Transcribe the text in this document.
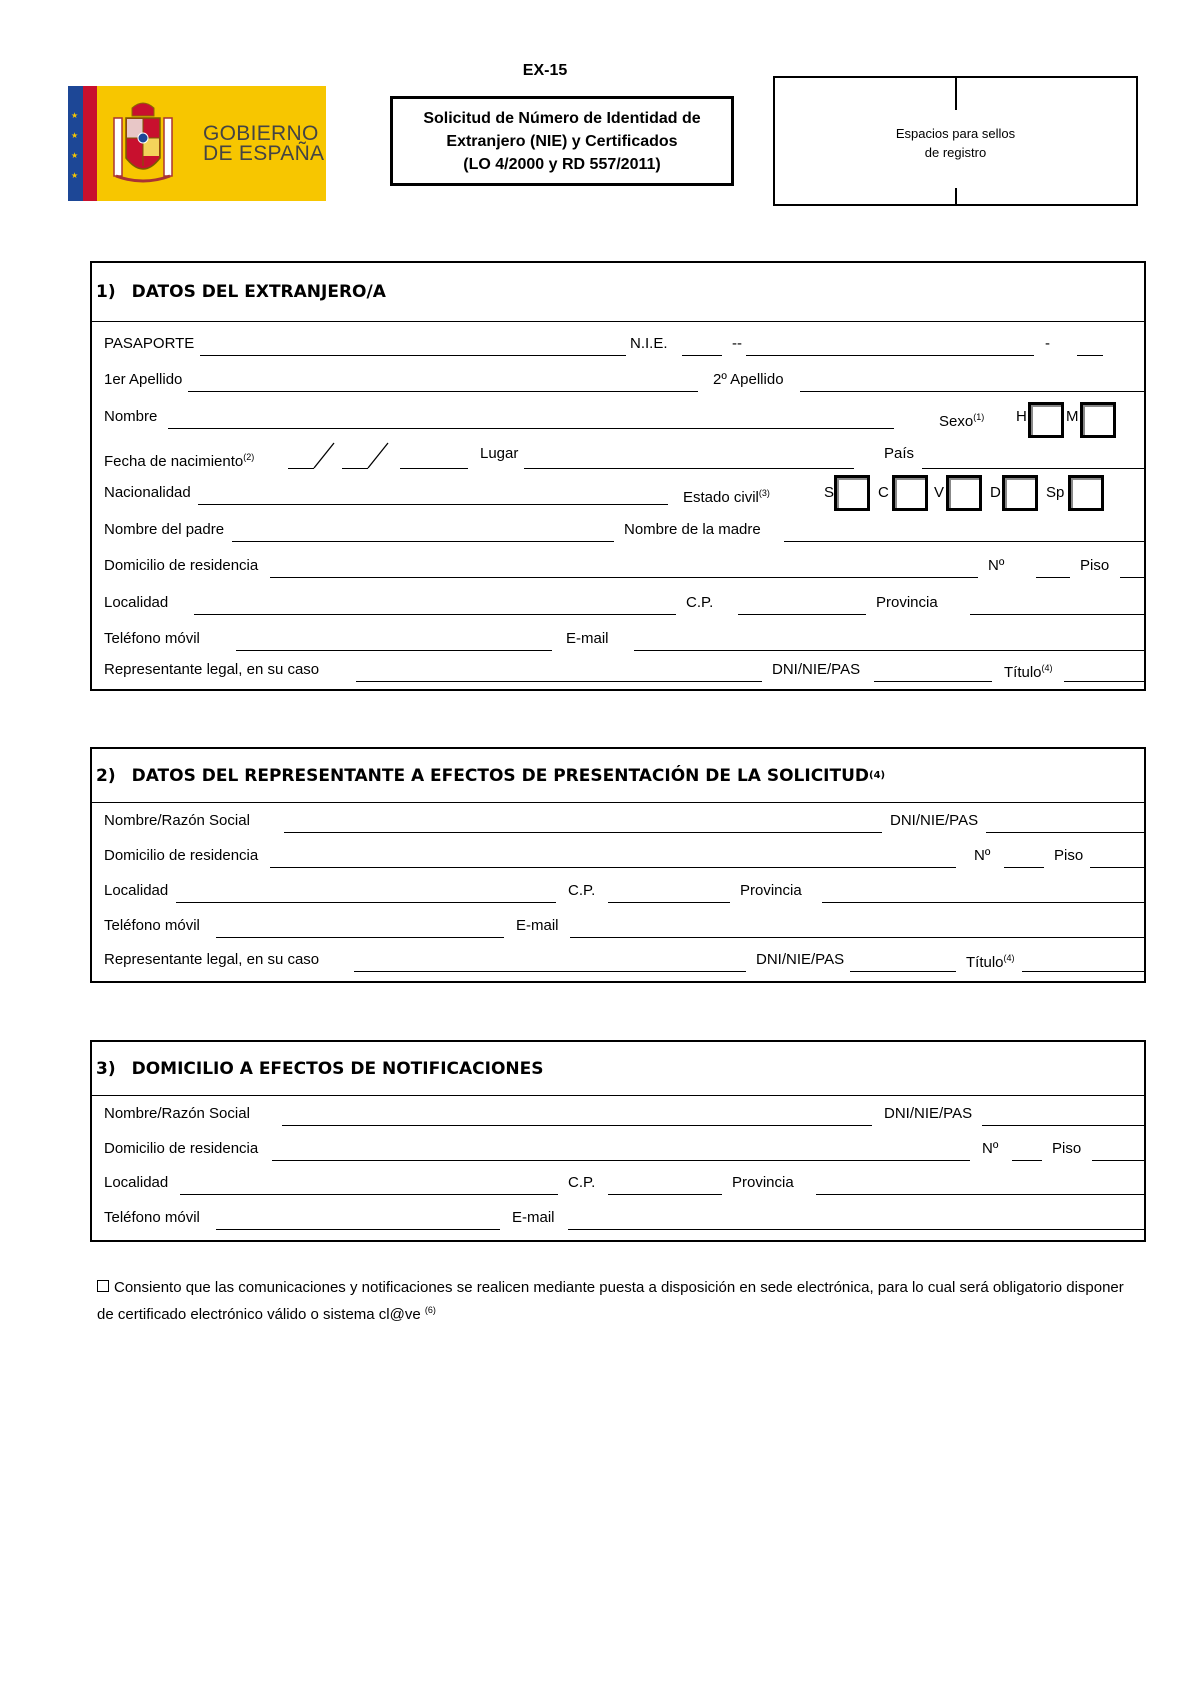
★
★
★
★
GOBIERNO
DE ESPAÑA
EX-15
Solicitud de Número de Identidad de
Extranjero (NIE) y Certificados
(LO 4/2000 y RD 557/2011)
Espacios para sellos
de registro
1) DATOS DEL EXTRANJERO/A
PASAPORTE	N.I.E.	--	-
1er Apellido	2º Apellido
Nombre	Sexo$^{(1)}$ H	M
Fecha de nacimiento$^{(2)}$	Lugar	País
Nacionalidad	Estado civil$^{(3)}$	S	C	V	D	Sp
Nombre del padre	Nombre de la madre
Domicilio de residencia	Nº	Piso
Localidad	C.P.	Provincia
Teléfono móvil	E-mail
Representante legal, en su caso	DNI/NIE/PAS	Título$^{(4)}$
2) DATOS DEL REPRESENTANTE A EFECTOS DE PRESENTACIÓN DE LA SOLICITUD (4)
Nombre/Razón Social	DNI/NIE/PAS
Domicilio de residencia	Nº	Piso
Localidad	C.P.	Provincia
Teléfono móvil	E-mail
Representante legal, en su caso	DNI/NIE/PAS	Título$^{(4)}$
3) DOMICILIO A EFECTOS DE NOTIFICACIONES
Nombre/Razón Social	DNI/NIE/PAS
Domicilio de residencia	Nº	Piso
Localidad	C.P.	Provincia
Teléfono móvil	E-mail
Consiento que las comunicaciones y notificaciones se realicen mediante puesta a disposición en sede electrónica, para lo cual será obligatorio disponer de certificado electrónico válido o sistema cl@ve $^{(6)}$
